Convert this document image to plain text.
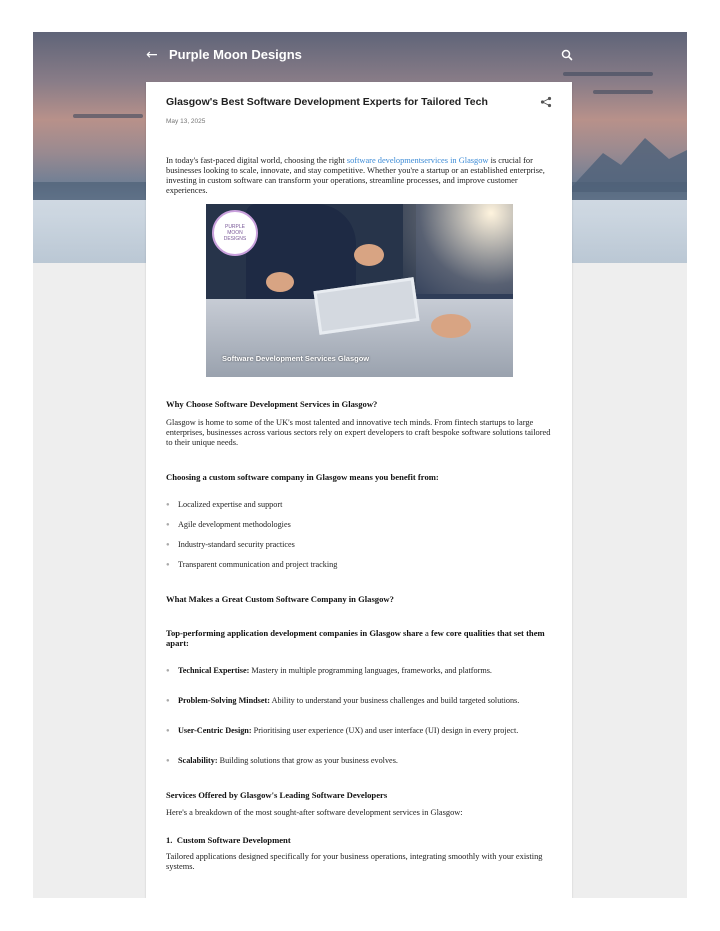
← Purple Moon Designs
Glasgow's Best Software Development Experts for Tailored Tech
May 13, 2025
In today's fast-paced digital world, choosing the right software developmentservices in Glasgow is crucial for businesses looking to scale, innovate, and stay competitive. Whether you're a startup or an established enterprise, investing in custom software can transform your operations, streamline processes, and improve customer experiences.
PURPLE
MOON
DESIGNS
Software Development Services Glasgow
Why Choose Software Development Services in Glasgow?
Glasgow is home to some of the UK's most talented and innovative tech minds. From fintech startups to large enterprises, businesses across various sectors rely on expert developers to craft bespoke software solutions tailored to their unique needs.
Choosing a custom software company in Glasgow means you benefit from:
● Localized expertise and support
● Agile development methodologies
● Industry-standard security practices
● Transparent communication and project tracking
What Makes a Great Custom Software Company in Glasgow?
Top-performing application development companies in Glasgow share a few core qualities that set them apart:
● Technical Expertise: Mastery in multiple programming languages, frameworks, and platforms.
● Problem-Solving Mindset: Ability to understand your business challenges and build targeted solutions.
● User-Centric Design: Prioritising user experience (UX) and user interface (UI) design in every project.
● Scalability: Building solutions that grow as your business evolves.
Services Offered by Glasgow's Leading Software Developers
Here's a breakdown of the most sought-after software development services in Glasgow:
1. Custom Software Development
Tailored applications designed specifically for your business operations, integrating smoothly with your existing systems.
